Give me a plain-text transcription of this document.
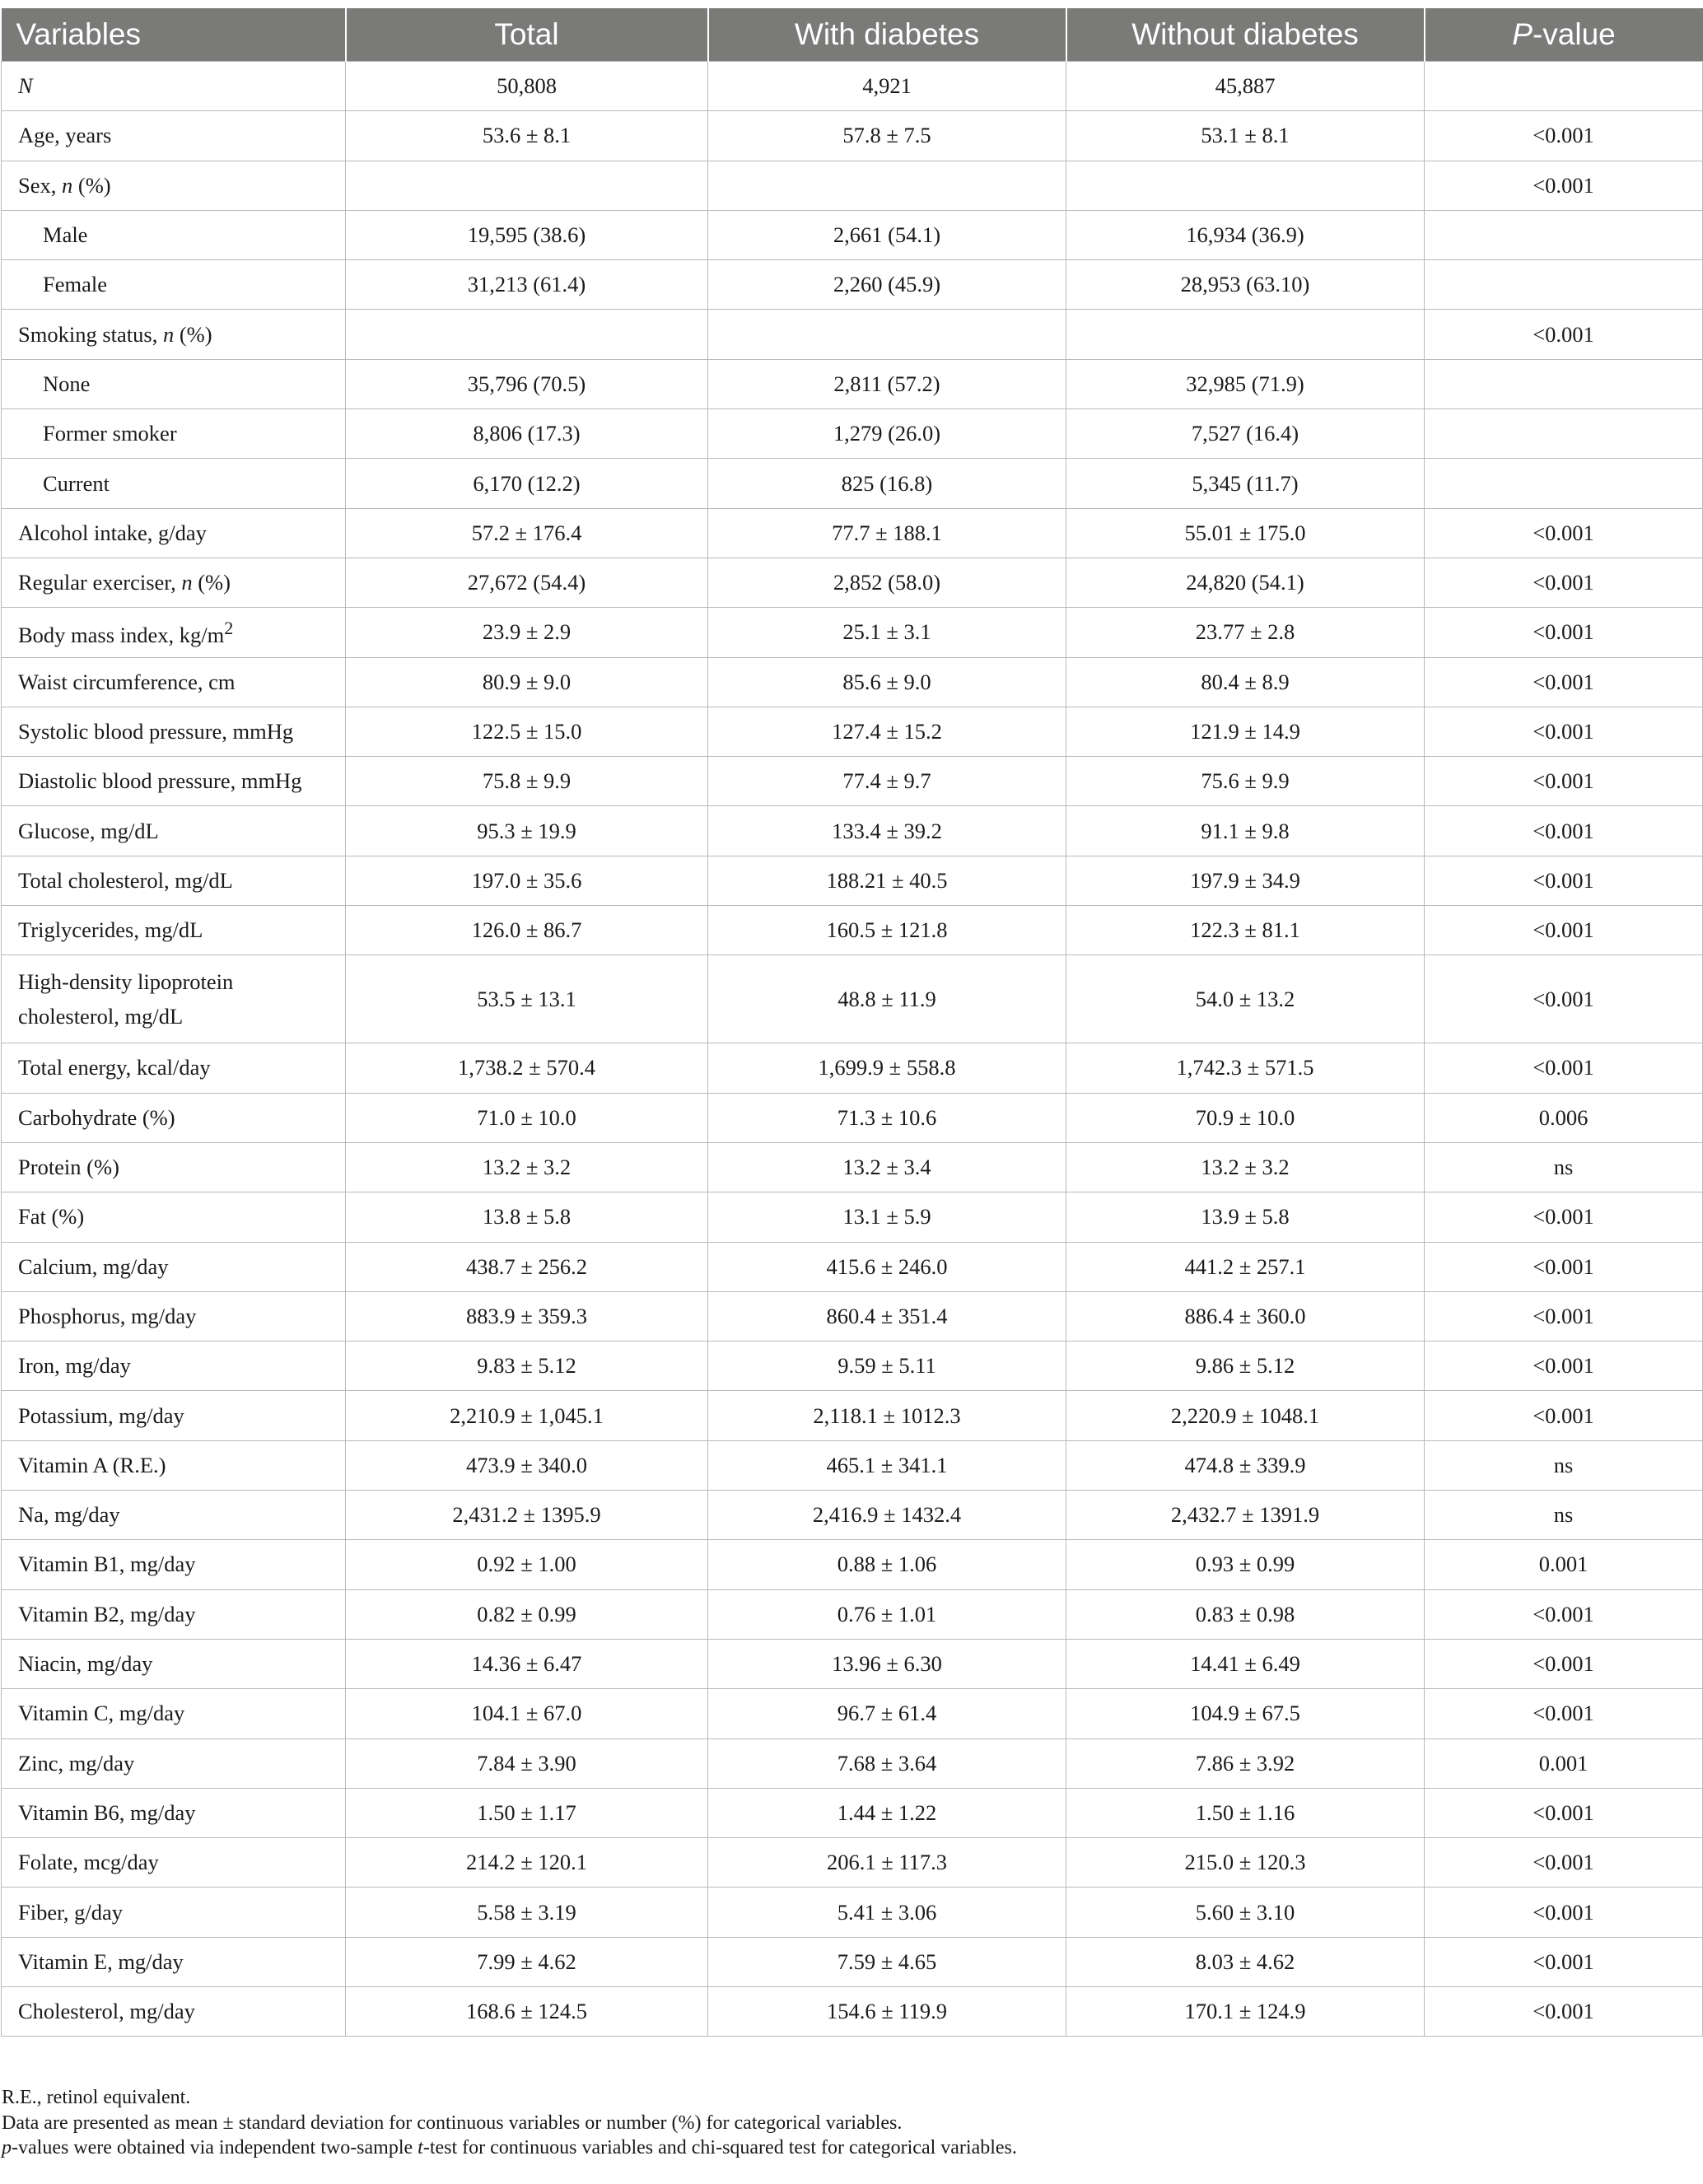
Variables	Total	With diabetes	Without diabetes	P-value
N	50,808	4,921	45,887	
Age, years	53.6 ± 8.1	57.8 ± 7.5	53.1 ± 8.1	<0.001
Sex, n (%)				<0.001
Male	19,595 (38.6)	2,661 (54.1)	16,934 (36.9)	
Female	31,213 (61.4)	2,260 (45.9)	28,953 (63.10)	
Smoking status, n (%)				<0.001
None	35,796 (70.5)	2,811 (57.2)	32,985 (71.9)	
Former smoker	8,806 (17.3)	1,279 (26.0)	7,527 (16.4)	
Current	6,170 (12.2)	825 (16.8)	5,345 (11.7)	
Alcohol intake, g/day	57.2 ± 176.4	77.7 ± 188.1	55.01 ± 175.0	<0.001
Regular exerciser, n (%)	27,672 (54.4)	2,852 (58.0)	24,820 (54.1)	<0.001
Body mass index, $kg/m^2$	23.9 ± 2.9	25.1 ± 3.1	23.77 ± 2.8	<0.001
Waist circumference, cm	80.9 ± 9.0	85.6 ± 9.0	80.4 ± 8.9	<0.001
Systolic blood pressure, mmHg	122.5 ± 15.0	127.4 ± 15.2	121.9 ± 14.9	<0.001
Diastolic blood pressure, mmHg	75.8 ± 9.9	77.4 ± 9.7	75.6 ± 9.9	<0.001
Glucose, mg/dL	95.3 ± 19.9	133.4 ± 39.2	91.1 ± 9.8	<0.001
Total cholesterol, mg/dL	197.0 ± 35.6	188.21 ± 40.5	197.9 ± 34.9	<0.001
Triglycerides, mg/dL	126.0 ± 86.7	160.5 ± 121.8	122.3 ± 81.1	<0.001
High-density lipoprotein
cholesterol, mg/dL	53.5 ± 13.1	48.8 ± 11.9	54.0 ± 13.2	<0.001
Total energy, kcal/day	1,738.2 ± 570.4	1,699.9 ± 558.8	1,742.3 ± 571.5	<0.001
Carbohydrate (%)	71.0 ± 10.0	71.3 ± 10.6	70.9 ± 10.0	0.006
Protein (%)	13.2 ± 3.2	13.2 ± 3.4	13.2 ± 3.2	ns
Fat (%)	13.8 ± 5.8	13.1 ± 5.9	13.9 ± 5.8	<0.001
Calcium, mg/day	438.7 ± 256.2	415.6 ± 246.0	441.2 ± 257.1	<0.001
Phosphorus, mg/day	883.9 ± 359.3	860.4 ± 351.4	886.4 ± 360.0	<0.001
Iron, mg/day	9.83 ± 5.12	9.59 ± 5.11	9.86 ± 5.12	<0.001
Potassium, mg/day	2,210.9 ± 1,045.1	2,118.1 ± 1012.3	2,220.9 ± 1048.1	<0.001
Vitamin A (R.E.)	473.9 ± 340.0	465.1 ± 341.1	474.8 ± 339.9	ns
Na, mg/day	2,431.2 ± 1395.9	2,416.9 ± 1432.4	2,432.7 ± 1391.9	ns
Vitamin B1, mg/day	0.92 ± 1.00	0.88 ± 1.06	0.93 ± 0.99	0.001
Vitamin B2, mg/day	0.82 ± 0.99	0.76 ± 1.01	0.83 ± 0.98	<0.001
Niacin, mg/day	14.36 ± 6.47	13.96 ± 6.30	14.41 ± 6.49	<0.001
Vitamin C, mg/day	104.1 ± 67.0	96.7 ± 61.4	104.9 ± 67.5	<0.001
Zinc, mg/day	7.84 ± 3.90	7.68 ± 3.64	7.86 ± 3.92	0.001
Vitamin B6, mg/day	1.50 ± 1.17	1.44 ± 1.22	1.50 ± 1.16	<0.001
Folate, mcg/day	214.2 ± 120.1	206.1 ± 117.3	215.0 ± 120.3	<0.001
Fiber, g/day	5.58 ± 3.19	5.41 ± 3.06	5.60 ± 3.10	<0.001
Vitamin E, mg/day	7.99 ± 4.62	7.59 ± 4.65	8.03 ± 4.62	<0.001
Cholesterol, mg/day	168.6 ± 124.5	154.6 ± 119.9	170.1 ± 124.9	<0.001

R.E., retinol equivalent.

Data are presented as mean ± standard deviation for continuous variables or number (%) for categorical variables.

p-values were obtained via independent two-sample t-test for continuous variables and chi-squared test for categorical variables.
